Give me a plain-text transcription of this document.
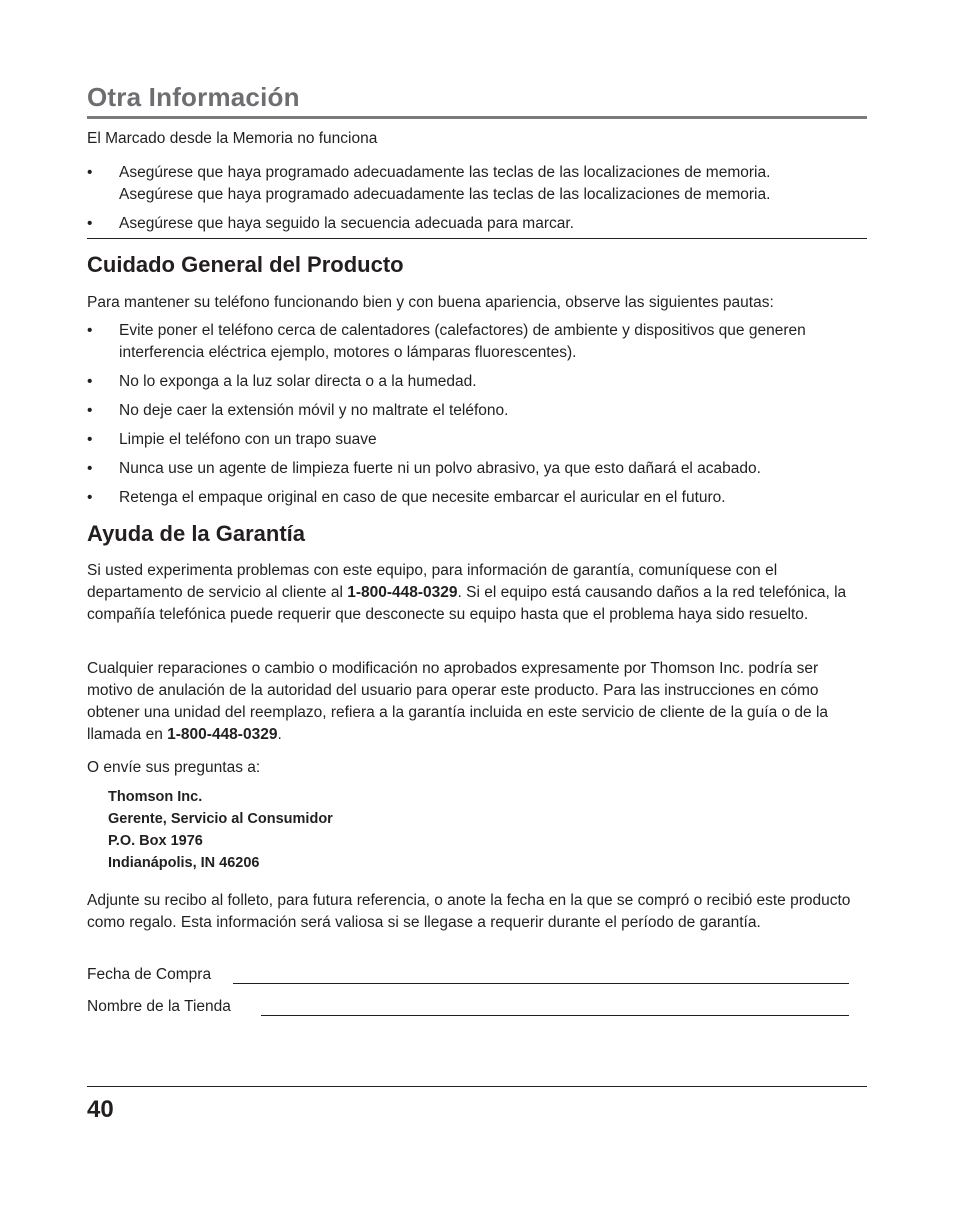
Otra Información
El Marcado desde la Memoria no funciona
•	Asegúrese que haya programado adecuadamente las teclas de las localizaciones de memoria.
Asegúrese que haya programado adecuadamente las teclas de las localizaciones de memoria.
•	Asegúrese que haya seguido la secuencia adecuada para marcar.
Cuidado General del Producto
Para mantener su teléfono funcionando bien y con buena apariencia, observe las siguientes pautas:
•	Evite poner el teléfono cerca de calentadores (calefactores) de ambiente y dispositivos que generen interferencia eléctrica ejemplo, motores o lámparas fluorescentes).
•	No lo exponga a la luz solar directa o a la humedad.
•	No deje caer la extensión móvil y no maltrate el teléfono.
•	Limpie el teléfono con un trapo suave
•	Nunca use un agente de limpieza fuerte ni un polvo abrasivo, ya que esto dañará el acabado.
•	Retenga el empaque original en caso de que necesite embarcar el auricular en el futuro.
Ayuda de la Garantía

Si usted experimenta problemas con este equipo, para información de garantía, comuníquese con el departamento de servicio al cliente al 1-800-448-0329. Si el equipo está causando daños a la red telefónica, la compañía telefónica puede requerir que desconecte su equipo hasta que el problema haya sido resuelto.

Cualquier reparaciones o cambio o modificación no aprobados expresamente por Thomson Inc. podría ser motivo de anulación de la autoridad del usuario para operar este producto. Para las instrucciones en cómo obtener una unidad del reemplazo, refiera a la garantía incluida en este servicio de cliente de la guía o de la llamada en 1-800-448-0329.

O envíe sus preguntas a:

Thomson Inc.
Gerente, Servicio al Consumidor
P.O. Box 1976
Indianápolis, IN 46206

Adjunte su recibo al folleto, para futura referencia, o anote la fecha en la que se compró o recibió este producto como regalo. Esta información será valiosa si se llegase a requerir durante el período de garantía.

Fecha de Compra
Nombre de la Tienda
40
